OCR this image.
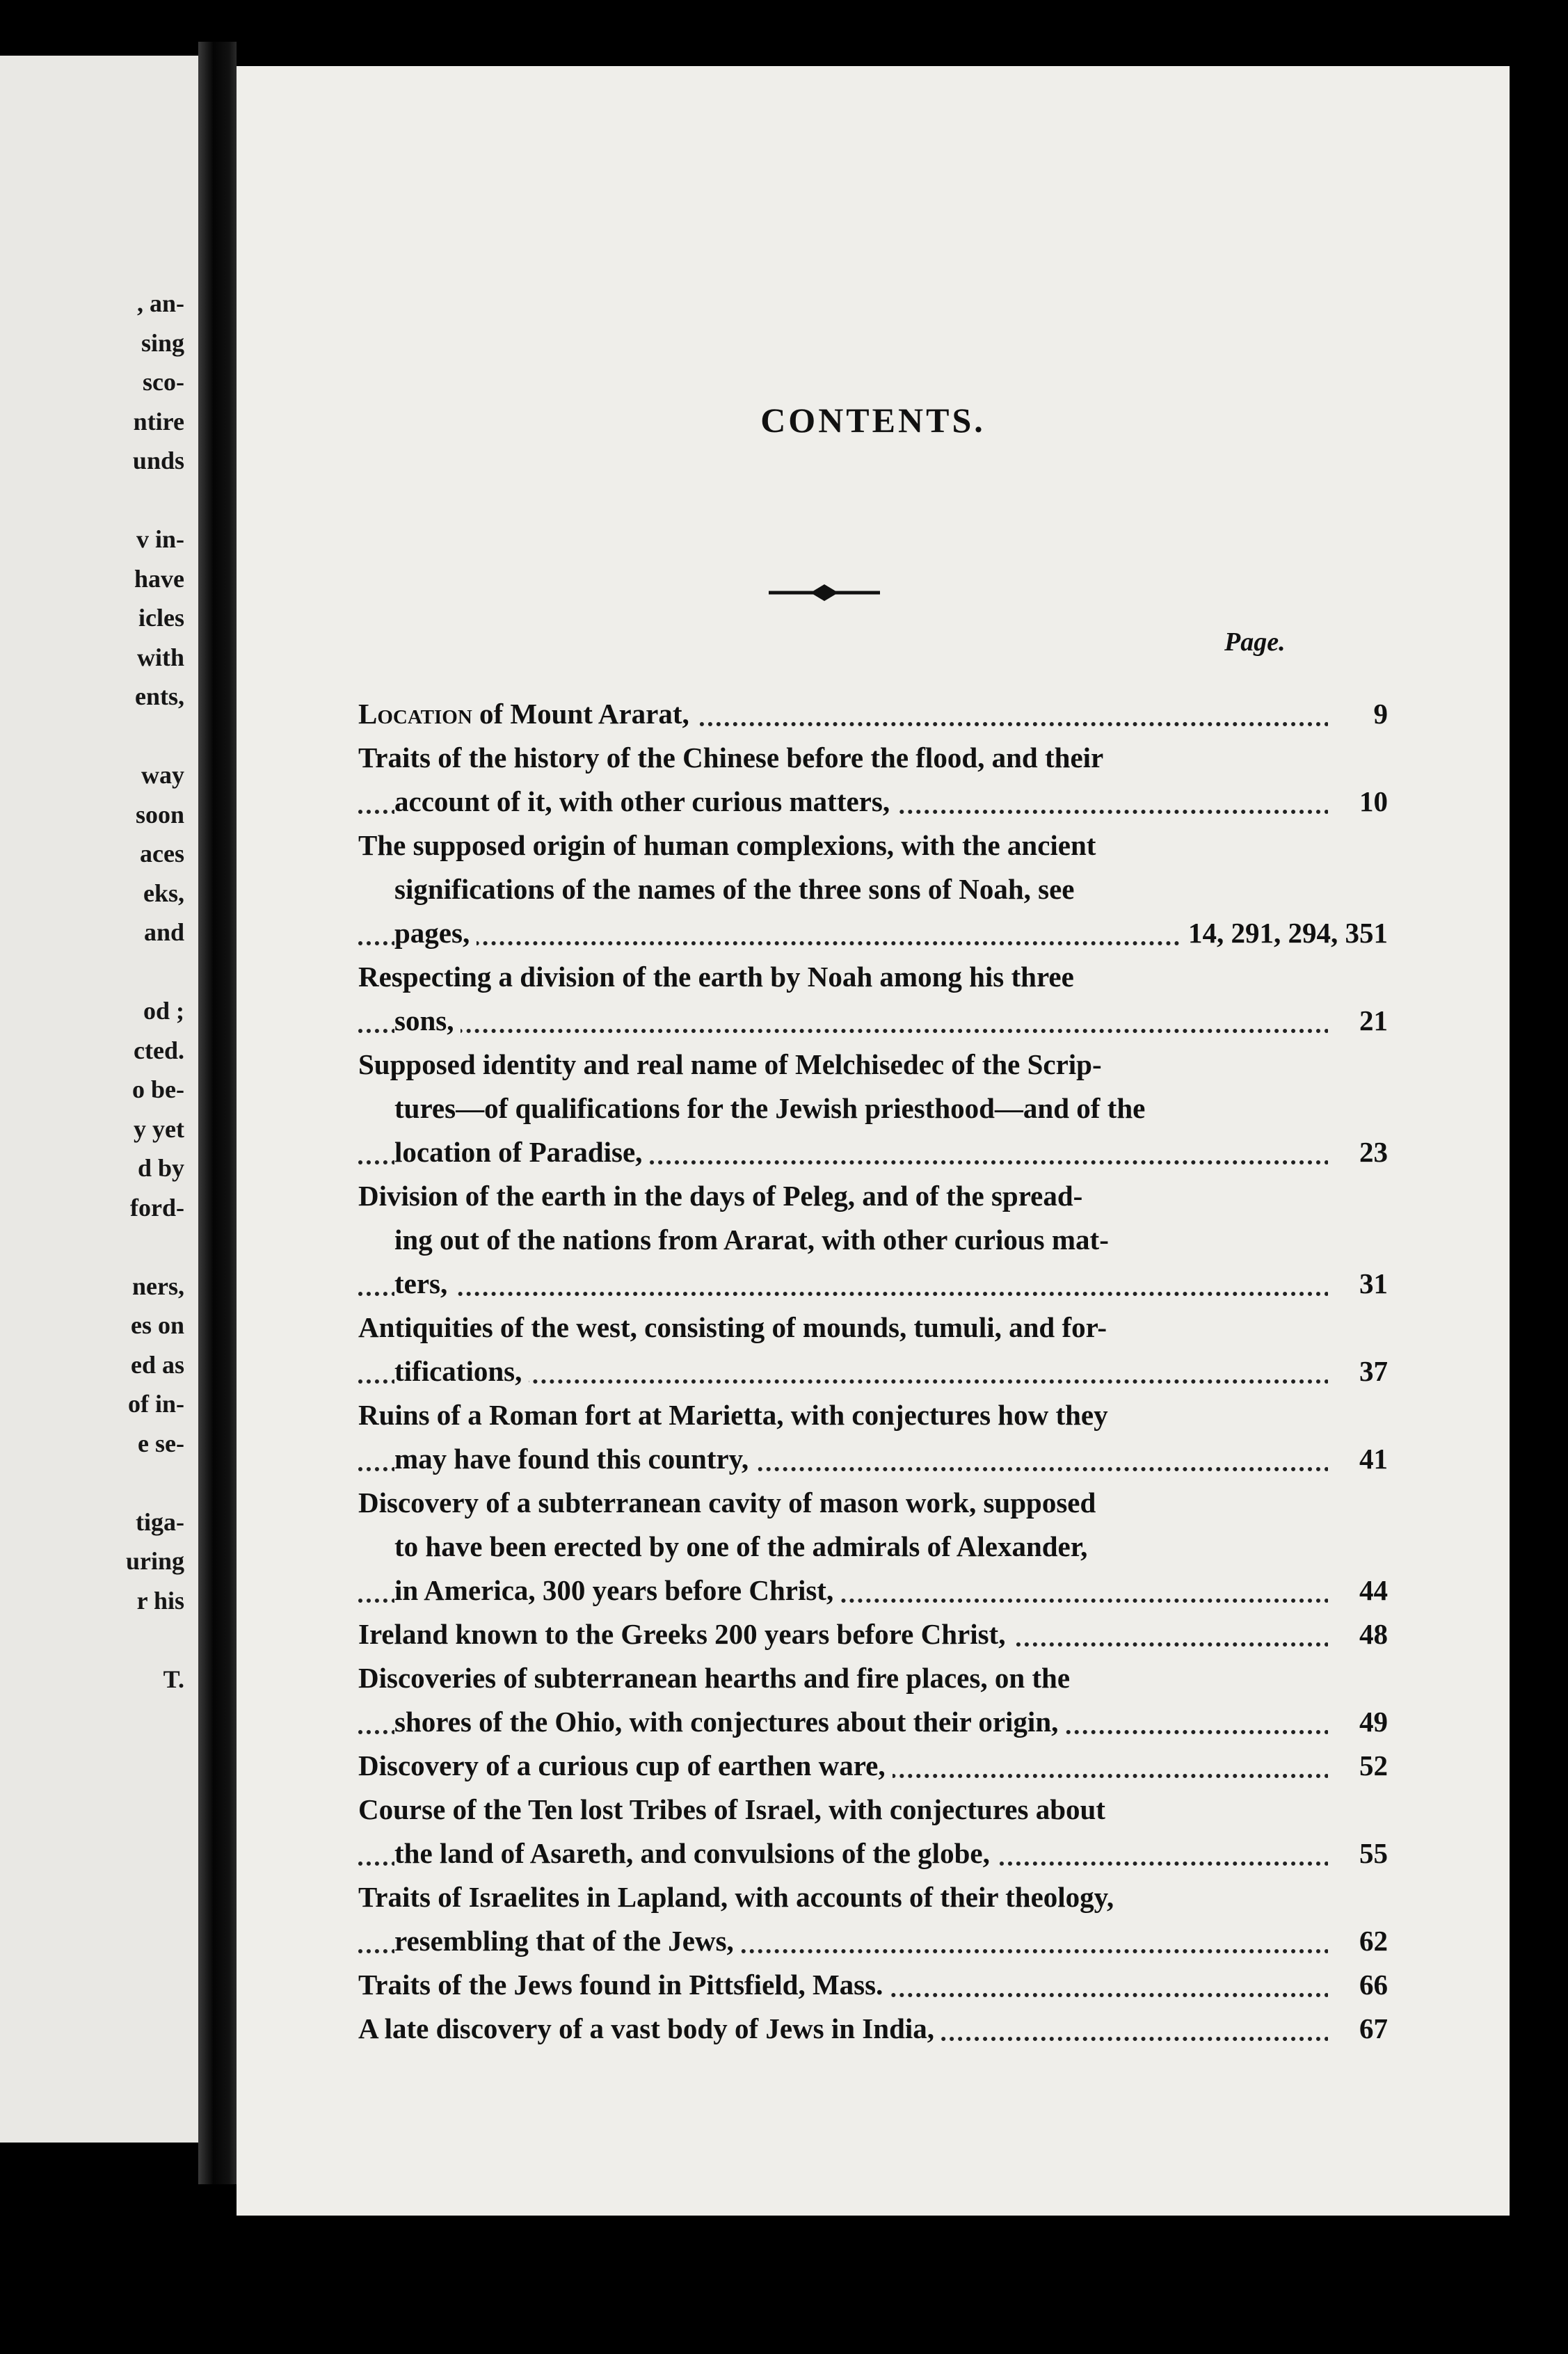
, an-
sing
sco-
ntire
unds
v in-
have
icles
with
ents,
way
soon
aces
eks,
and
od ;
cted.
o be-
y yet
d by
ford-
ners,
es on
ed as
of in-
e se-
tiga-
uring
r his
T.

CONTENTS.
Page.
Location of Mount Ararat,	9
Traits of the history of the Chinese before the flood, and their
account of it, with other curious matters,	10
The supposed origin of human complexions, with the ancient
significations of the names of the three sons of Noah, see
pages,	14, 291, 294, 351
Respecting a division of the earth by Noah among his three
sons,	21
Supposed identity and real name of Melchisedec of the Scrip-
tures—of qualifications for the Jewish priesthood—and of the
location of Paradise,	23
Division of the earth in the days of Peleg, and of the spread-
ing out of the nations from Ararat, with other curious mat-
ters,	31
Antiquities of the west, consisting of mounds, tumuli, and for-
tifications,	37
Ruins of a Roman fort at Marietta, with conjectures how they
may have found this country,	41
Discovery of a subterranean cavity of mason work, supposed
to have been erected by one of the admirals of Alexander,
in America, 300 years before Christ,	44
Ireland known to the Greeks 200 years before Christ,	48
Discoveries of subterranean hearths and fire places, on the
shores of the Ohio, with conjectures about their origin,	49
Discovery of a curious cup of earthen ware,	52
Course of the Ten lost Tribes of Israel, with conjectures about
the land of Asareth, and convulsions of the globe,	55
Traits of Israelites in Lapland, with accounts of their theology,
resembling that of the Jews,	62
Traits of the Jews found in Pittsfield, Mass.	66
A late discovery of a vast body of Jews in India,	67
